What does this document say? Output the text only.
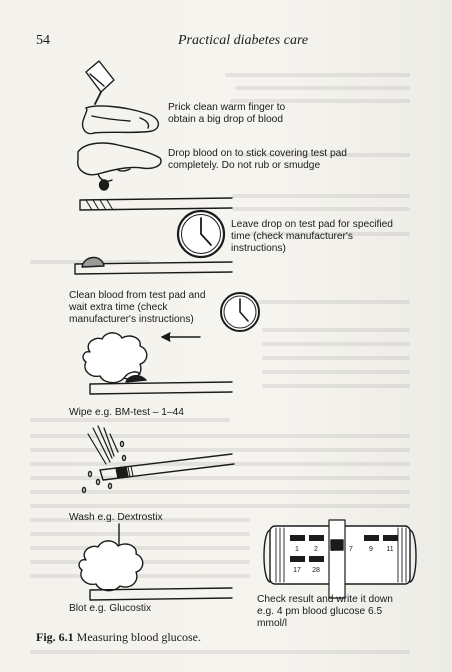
54	Practical diabetes care
1 2 3 7 9 11
17 28
Prick clean warm finger to obtain a big drop of blood
Drop blood on to stick covering test pad completely. Do not rub or smudge
Leave drop on test pad for specified time (check manufacturer's instructions)
Clean blood from test pad and wait extra time (check manufacturer's instructions)
Wipe e.g. BM-test – 1–44
Wash e.g. Dextrostix
Blot e.g. Glucostix
Check result and write it down e.g. 4 pm blood glucose 6.5 mmol/l
Fig. 6.1 Measuring blood glucose.
